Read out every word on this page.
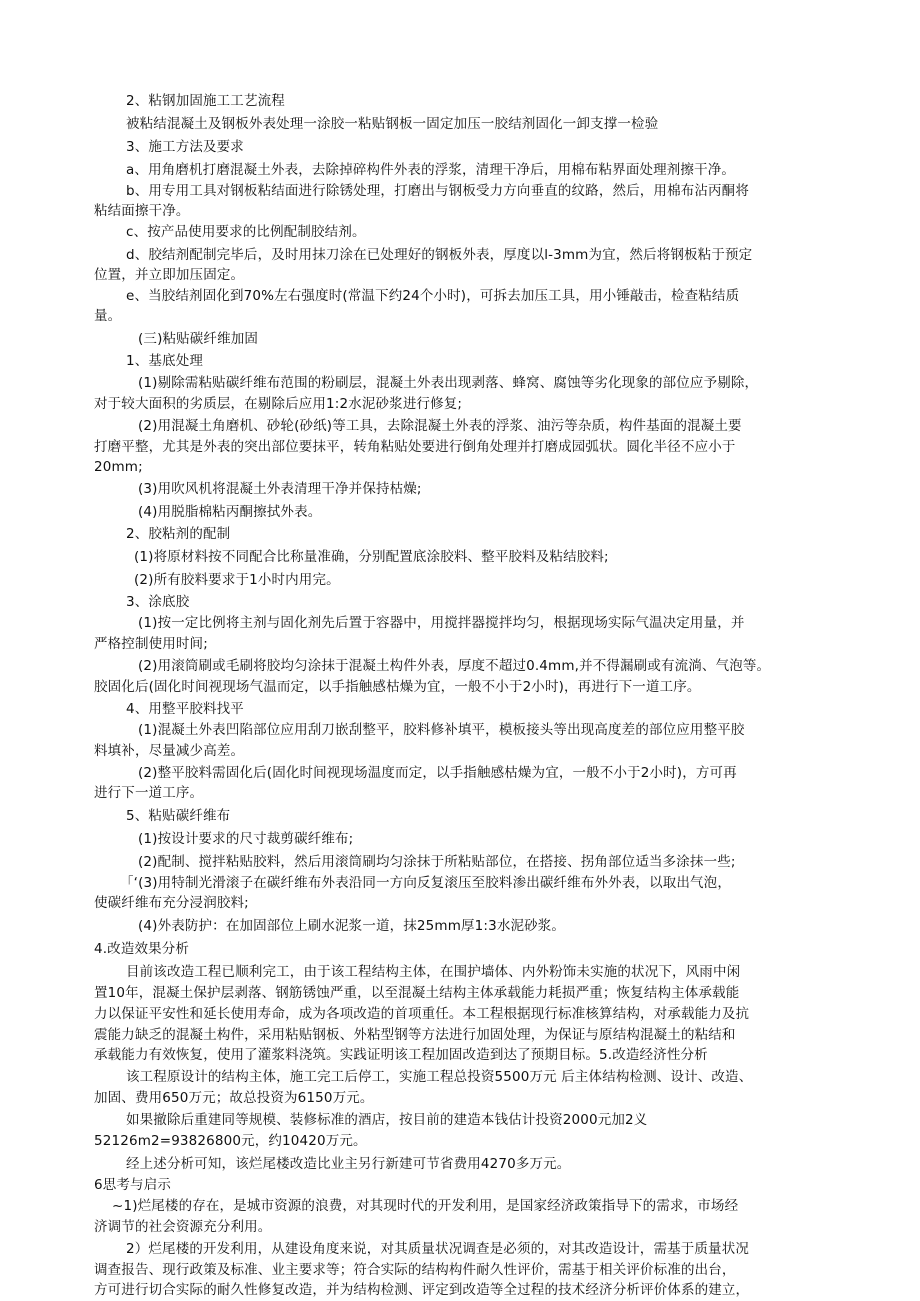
2、粘钢加固施工工艺流程

被粘结混凝土及钢板外表处理一涂胶一粘贴钢板一固定加压一胶结剂固化一卸支撑一检验

3、施工方法及要求

a、用角磨机打磨混凝土外表，去除掉碎构件外表的浮浆，清理干净后，用棉布粘界面处理剂擦干净。

b、用专用工具对钢板粘结面进行除锈处理，打磨出与钢板受力方向垂直的纹路，然后，用棉布沾丙酮将

粘结面擦干净。

c、按产品使用要求的比例配制胶结剂。

d、胶结剂配制完毕后，及时用抹刀涂在已处理好的钢板外表，厚度以l-3mm为宜，然后将钢板粘于预定

位置，并立即加压固定。

e、当胶结剂固化到70%左右强度时(常温下约24个小时)，可拆去加压工具，用小锤敲击，检查粘结质

量。

(三)粘贴碳纤维加固

1、基底处理

(1)剔除需粘贴碳纤维布范围的粉刷层，混凝土外表出现剥落、蜂窝、腐蚀等劣化现象的部位应予剔除，

对于较大面积的劣质层，在剔除后应用1:2水泥砂浆进行修复;

(2)用混凝土角磨机、砂轮(砂纸)等工具，去除混凝土外表的浮浆、油污等杂质，构件基面的混凝土要

打磨平整，尤其是外表的突出部位要抹平，转角粘贴处要进行倒角处理并打磨成园弧状。圆化半径不应小于

20mm;

(3)用吹风机将混凝土外表清理干净并保持枯燥;

(4)用脱脂棉粘丙酮擦拭外表。

2、胶粘剂的配制

(1)将原材料按不同配合比称量准确，分别配置底涂胶料、整平胶料及粘结胶料;

(2)所有胶料要求于1小时内用完。

3、涂底胶

(1)按一定比例将主剂与固化剂先后置于容器中，用搅拌器搅拌均匀，根据现场实际气温决定用量，并

严格控制使用时间;

(2)用滚筒刷或毛刷将胶均匀涂抹于混凝土构件外表，厚度不超过0.4mm,并不得漏刷或有流淌、气泡等。

胶固化后(固化时间视现场气温而定，以手指触感枯燥为宜，一般不小于2小时)，再进行下一道工序。

4、用整平胶料找平

(1)混凝土外表凹陷部位应用刮刀嵌刮整平，胶料修补填平，模板接头等出现高度差的部位应用整平胶

料填补，尽量减少高差。

(2)整平胶料需固化后(固化时间视现场温度而定，以手指触感枯燥为宜，一般不小于2小时)，方可再

进行下一道工序。

5、粘贴碳纤维布

(1)按设计要求的尺寸裁剪碳纤维布;

(2)配制、搅拌粘贴胶料，然后用滚筒刷均匀涂抹于所粘贴部位，在搭接、拐角部位适当多涂抹一些;

「‘(3)用特制光滑滚子在碳纤维布外表沿同一方向反复滚压至胶料渗出碳纤维布外外表，以取出气泡，

使碳纤维布充分浸润胶料;

(4)外表防护：在加固部位上刷水泥浆一道，抹25mm厚1:3水泥砂浆。

4.改造效果分析

目前该改造工程已顺利完工，由于该工程结构主体，在围护墙体、内外粉饰未实施的状况下，风雨中闲

置10年，混凝土保护层剥落、钢筋锈蚀严重，以至混凝土结构主体承载能力耗损严重；恢复结构主体承载能

力以保证平安性和延长使用寿命，成为各项改造的首项重任。本工程根据现行标准核算结构，对承载能力及抗

震能力缺乏的混凝土构件，采用粘贴钢板、外粘型钢等方法进行加固处理，为保证与原结构混凝土的粘结和

承载能力有效恢复，使用了灌浆料浇筑。实践证明该工程加固改造到达了预期目标。5.改造经济性分析

该工程原设计的结构主体，施工完工后停工，实施工程总投资5500万元 后主体结构检测、设计、改造、

加固、费用650万元；故总投资为6150万元。

如果撤除后重建同等规模、装修标准的酒店，按目前的建造本钱估计投资2000元加2义

52126m2=93826800元，约10420万元。

经上述分析可知，该烂尾楼改造比业主另行新建可节省费用4270多万元。

6思考与启示

~1)烂尾楼的存在，是城市资源的浪费，对其现时代的开发利用，是国家经济政策指导下的需求，市场经

济调节的社会资源充分利用。

2）烂尾楼的开发利用，从建设角度来说，对其质量状况调查是必须的，对其改造设计，需基于质量状况

调查报告、现行政策及标准、业主要求等；符合实际的结构构件耐久性评价，需基于相关评价标准的出台，

方可进行切合实际的耐久性修复改造，并为结构检测、评定到改造等全过程的技术经济分析评价体系的建立，
